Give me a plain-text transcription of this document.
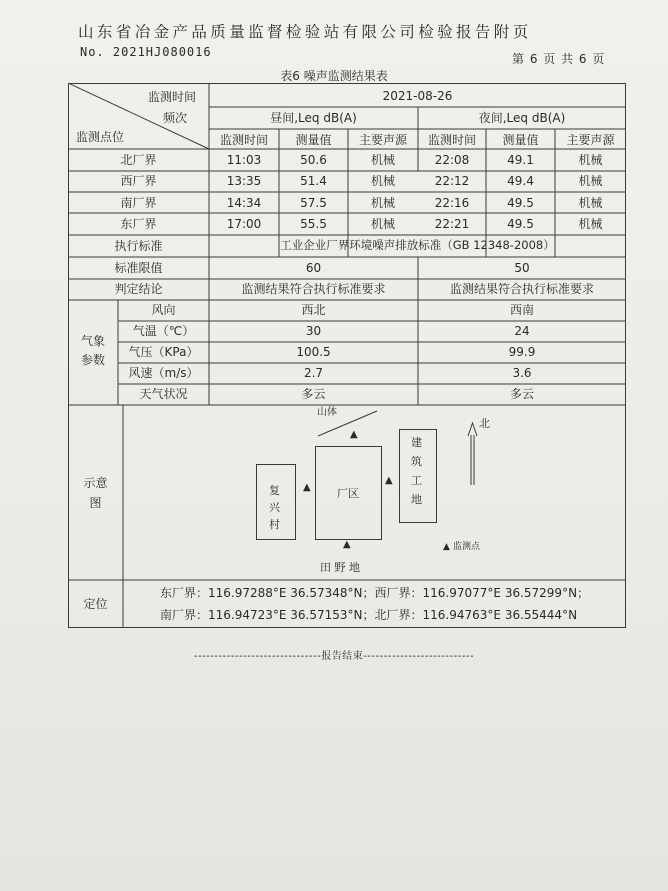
山东省冶金产品质量监督检验站有限公司检验报告附页
No. 2021HJ080016	第 6 页 共 6 页
表6 噪声监测结果表
监测时间
频次
监测点位
2021-08-26
昼间,Leq dB(A)	夜间,Leq dB(A)
监测时间	测量值	主要声源	监测时间	测量值	主要声源
北厂界	11:03	50.6	机械	22:08	49.1	机械
西厂界	13:35	51.4	机械	22:12	49.4	机械
南厂界	14:34	57.5	机械	22:16	49.5	机械
东厂界	17:00	55.5	机械	22:21	49.5	机械
执行标准	工业企业厂界环境噪声排放标准（GB 12348-2008）
标准限值	60	50
判定结论	监测结果符合执行标准要求	监测结果符合执行标准要求
气象
参数
风向	西北	西南
气温（℃）	30	24
气压（KPa）	100.5	99.9
风速（m/s）	2.7	3.6
天气状况	多云	多云
示意
图
山体
北
▲
▲
▲
▲
复
兴
村
厂区
建
筑
工
地
田 野 地
▲ 监测点
定位
东厂界：116.97288°E 36.57348°N；西厂界：116.97077°E 36.57299°N；
南厂界：116.94723°E 36.57153°N；北厂界：116.94763°E 36.55444°N
-------------------------------报告结束---------------------------
